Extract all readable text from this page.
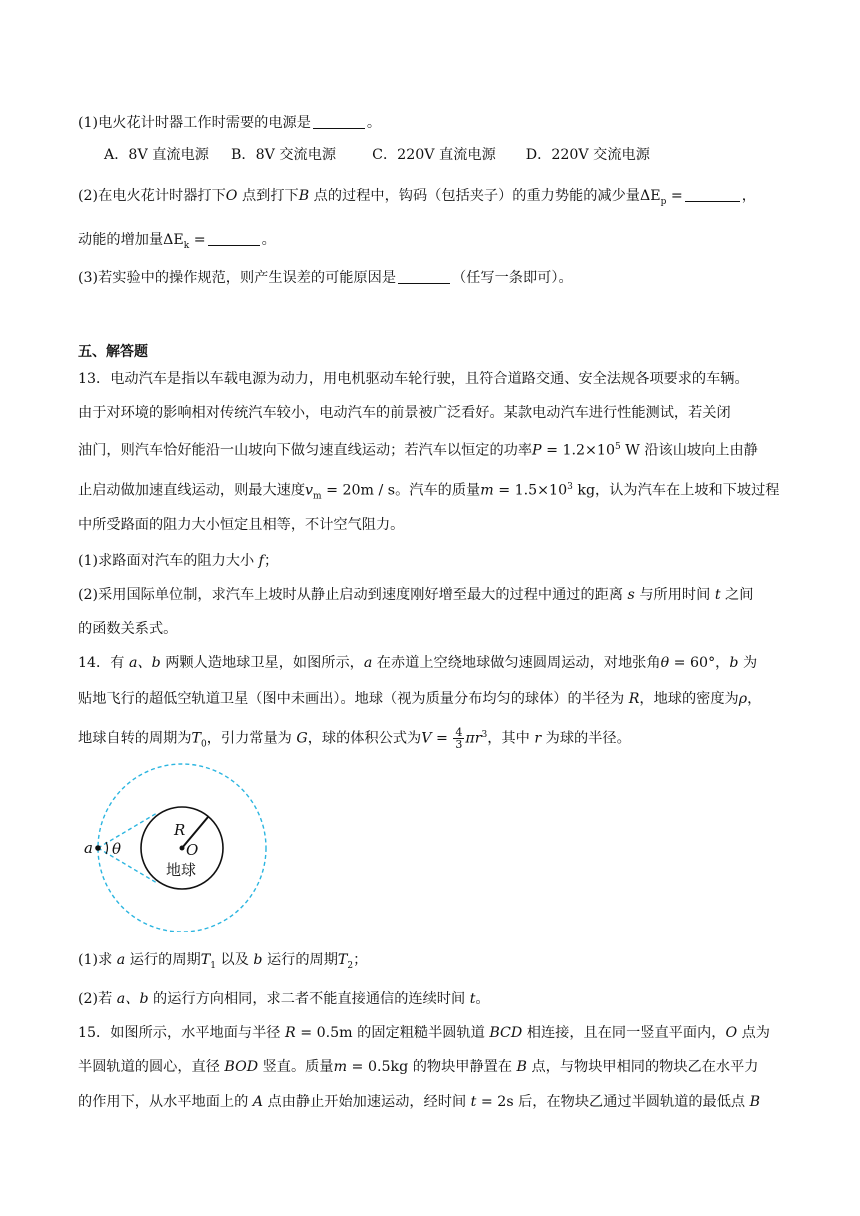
(1)电火花计时器工作时需要的电源是	。
A．8V 直流电源 B．8V 交流电源	C．220V 直流电源 D．220V 交流电源
(2)在电火花计时器打下O 点到打下B 点的过程中，钩码（包括夹子）的重力势能的减少量$\Delta E_p$ =	，
动能的增加量$\Delta E_k$ =	。
(3)若实验中的操作规范，则产生误差的可能原因是	（任写一条即可）。
五、解答题
13．电动汽车是指以车载电源为动力，用电机驱动车轮行驶，且符合道路交通、安全法规各项要求的车辆。
由于对环境的影响相对传统汽车较小，电动汽车的前景被广泛看好。某款电动汽车进行性能测试，若关闭
油门，则汽车恰好能沿一山坡向下做匀速直线运动；若汽车以恒定的功率$P = 1.2\times 10^5$ W 沿该山坡向上由静
止启动做加速直线运动，则最大速度$v_m = 20m / s$。汽车的质量$m = 1.5\times 10^3$ kg，认为汽车在上坡和下坡过程
中所受路面的阻力大小恒定且相等，不计空气阻力。
(1)求路面对汽车的阻力大小 f；
(2)采用国际单位制，求汽车上坡时从静止启动到速度刚好增至最大的过程中通过的距离 s 与所用时间 t 之间
的函数关系式。
14．有 a、b 两颗人造地球卫星，如图所示，a 在赤道上空绕地球做匀速圆周运动，对地张角θ = 60°，b 为
贴地飞行的超低空轨道卫星（图中未画出）。地球（视为质量分布均匀的球体）的半径为 R，地球的密度为ρ，
地球自转的周期为$T_0$，引力常量为 G，球的体积公式为$V = \frac{4}{3} \pi r^3$，其中 r 为球的半径。
R
O
a θ
地球
(1)求 a 运行的周期$T_1$ 以及 b 运行的周期$T_2$；
(2)若 a、b 的运行方向相同，求二者不能直接通信的连续时间 t。
15．如图所示，水平地面与半径 R = 0.5m 的固定粗糙半圆轨道 BCD 相连接，且在同一竖直平面内，O 点为
半圆轨道的圆心，直径 BOD 竖直。质量m = 0.5kg 的物块甲静置在 B 点，与物块甲相同的物块乙在水平力
的作用下，从水平地面上的 A 点由静止开始加速运动，经时间 t = 2s 后，在物块乙通过半圆轨道的最低点 B
